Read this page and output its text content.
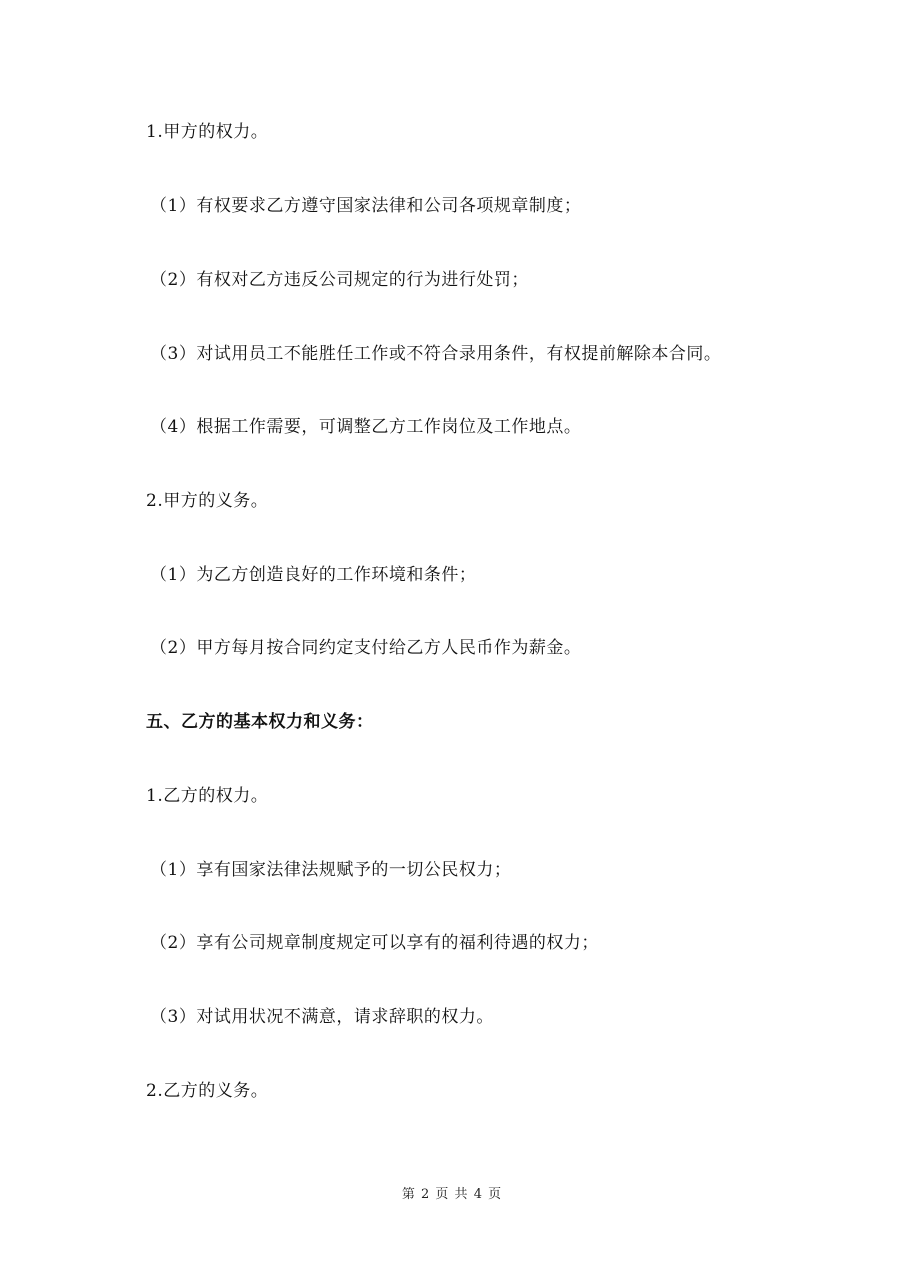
1.甲方的权力。
（1）有权要求乙方遵守国家法律和公司各项规章制度；
（2）有权对乙方违反公司规定的行为进行处罚；
（3）对试用员工不能胜任工作或不符合录用条件，有权提前解除本合同。
（4）根据工作需要，可调整乙方工作岗位及工作地点。
2.甲方的义务。
（1）为乙方创造良好的工作环境和条件；
（2）甲方每月按合同约定支付给乙方人民币作为薪金。
五、乙方的基本权力和义务：
1.乙方的权力。
（1）享有国家法律法规赋予的一切公民权力；
（2）享有公司规章制度规定可以享有的福利待遇的权力；
（3）对试用状况不满意，请求辞职的权力。
2.乙方的义务。
第 2 页 共 4 页
